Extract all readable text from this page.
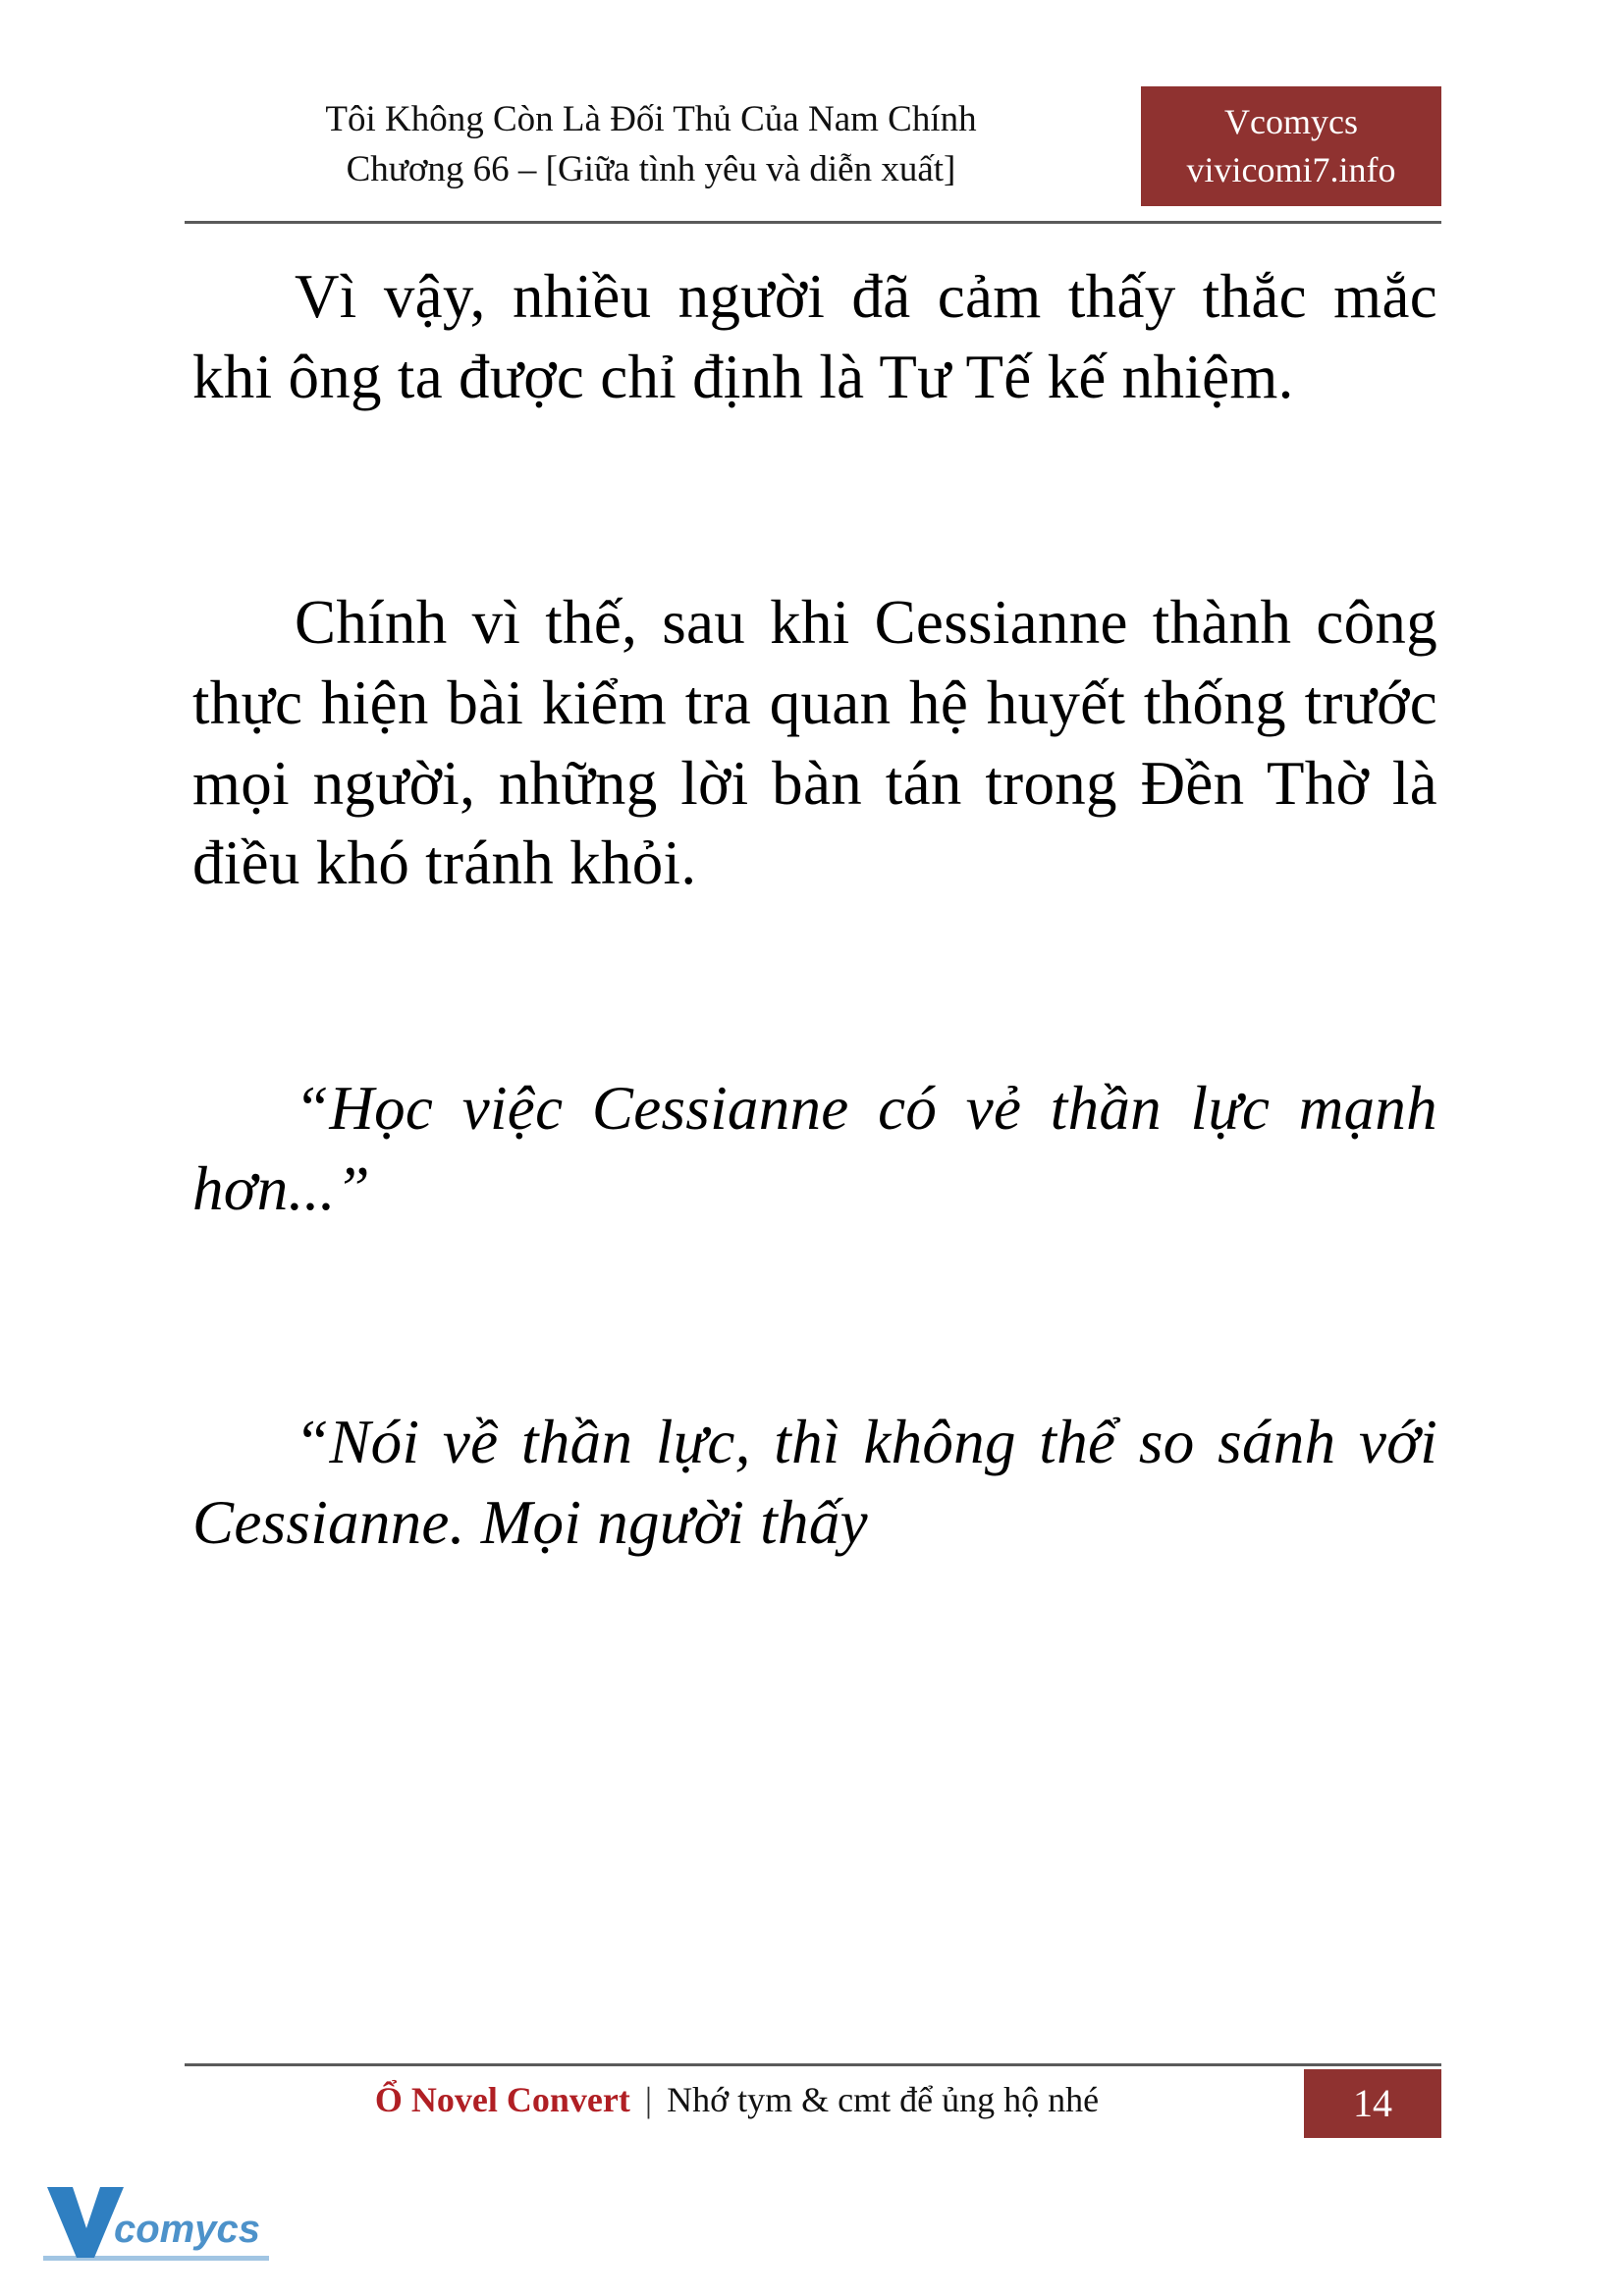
Tôi Không Còn Là Đối Thủ Của Nam Chính
Chương 66 – [Giữa tình yêu và diễn xuất]
Vcomycs
vivicomi7.info

Vì vậy, nhiều người đã cảm thấy thắc mắc khi ông ta được chỉ định là Tư Tế kế nhiệm.

Chính vì thế, sau khi Cessianne thành công thực hiện bài kiểm tra quan hệ huyết thống trước mọi người, những lời bàn tán trong Đền Thờ là điều khó tránh khỏi.

“Học việc Cessianne có vẻ thần lực mạnh hơn...”

“Nói về thần lực, thì không thể so sánh với Cessianne. Mọi người thấy

Ổ Novel Convert | Nhớ tym & cmt để ủng hộ nhé	14
comycs
